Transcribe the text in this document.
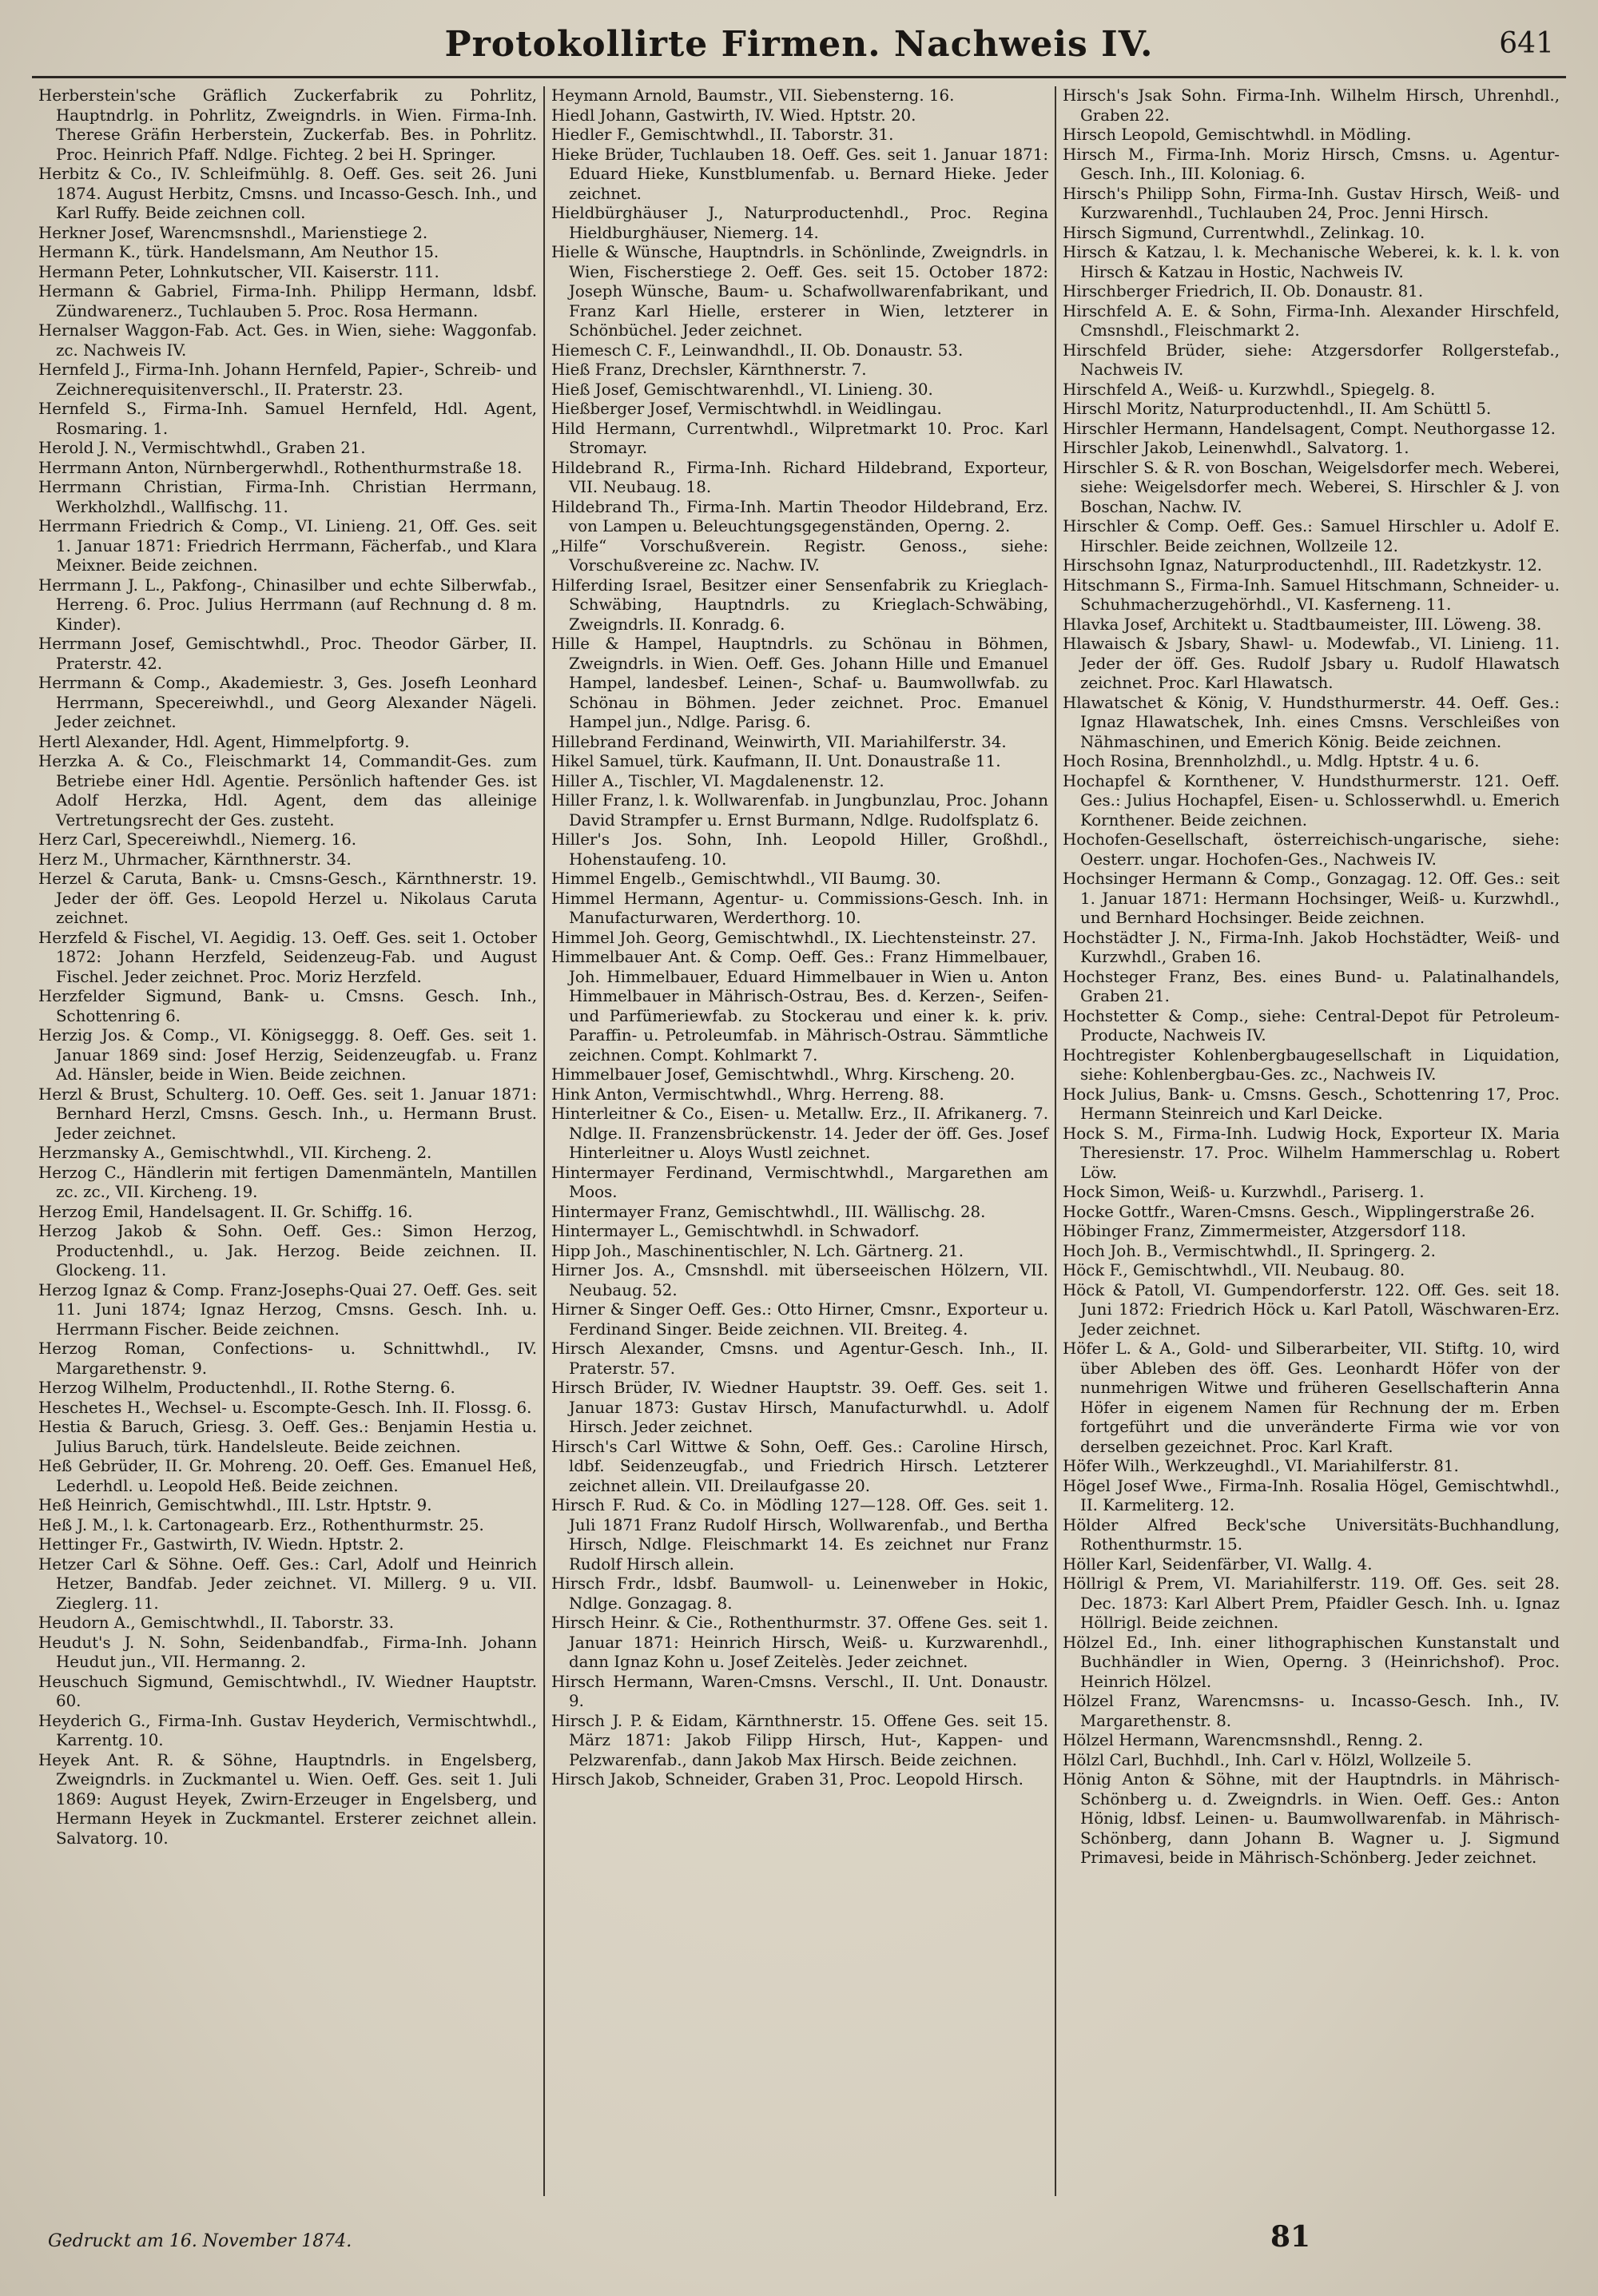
Protokollirte Firmen. Nachweis IV.	641
Herberstein'sche Gräflich Zuckerfabrik zu Pohrlitz, Hauptndrlg. in Pohrlitz, Zweigndrls. in Wien. Firma-Inh. Therese Gräfin Herberstein, Zuckerfab. Bes. in Pohrlitz. Proc. Heinrich Pfaff. Ndlge. Fichteg. 2 bei H. Springer.
Herbitz & Co., IV. Schleifmühlg. 8. Oeff. Ges. seit 26. Juni 1874. August Herbitz, Cmsns. und Incasso-Gesch. Inh., und Karl Ruffy. Beide zeichnen coll.
Herkner Josef, Warencmsnshdl., Marienstiege 2.
Hermann K., türk. Handelsmann, Am Neuthor 15.
Hermann Peter, Lohnkutscher, VII. Kaiserstr. 111.
Hermann & Gabriel, Firma-Inh. Philipp Hermann, ldsbf. Zündwarenerz., Tuchlauben 5. Proc. Rosa Hermann.
Hernalser Waggon-Fab. Act. Ges. in Wien, siehe: Waggonfab. zc. Nachweis IV.
Hernfeld J., Firma-Inh. Johann Hernfeld, Papier-, Schreib- und Zeichnerequisitenverschl., II. Praterstr. 23.
Hernfeld S., Firma-Inh. Samuel Hernfeld, Hdl. Agent, Rosmaring. 1.
Herold J. N., Vermischtwhdl., Graben 21.
Herrmann Anton, Nürnbergerwhdl., Rothenthurmstraße 18.
Herrmann Christian, Firma-Inh. Christian Herrmann, Werkholzhdl., Wallfischg. 11.
Herrmann Friedrich & Comp., VI. Linieng. 21, Off. Ges. seit 1. Januar 1871: Friedrich Herrmann, Fächerfab., und Klara Meixner. Beide zeichnen.
Herrmann J. L., Pakfong-, Chinasilber und echte Silberwfab., Herreng. 6. Proc. Julius Herrmann (auf Rechnung d. 8 m. Kinder).
Herrmann Josef, Gemischtwhdl., Proc. Theodor Gärber, II. Praterstr. 42.
Herrmann & Comp., Akademiestr. 3, Ges. Josefh Leonhard Herrmann, Specereiwhdl., und Georg Alexander Nägeli. Jeder zeichnet.
Hertl Alexander, Hdl. Agent, Himmelpfortg. 9.
Herzka A. & Co., Fleischmarkt 14, Commandit-Ges. zum Betriebe einer Hdl. Agentie. Persönlich haftender Ges. ist Adolf Herzka, Hdl. Agent, dem das alleinige Vertretungsrecht der Ges. zusteht.
Herz Carl, Specereiwhdl., Niemerg. 16.
Herz M., Uhrmacher, Kärnthnerstr. 34.
Herzel & Caruta, Bank- u. Cmsns-Gesch., Kärnthnerstr. 19. Jeder der öff. Ges. Leopold Herzel u. Nikolaus Caruta zeichnet.
Herzfeld & Fischel, VI. Aegidig. 13. Oeff. Ges. seit 1. October 1872: Johann Herzfeld, Seidenzeug-Fab. und August Fischel. Jeder zeichnet. Proc. Moriz Herzfeld.
Herzfelder Sigmund, Bank- u. Cmsns. Gesch. Inh., Schottenring 6.
Herzig Jos. & Comp., VI. Königseggg. 8. Oeff. Ges. seit 1. Januar 1869 sind: Josef Herzig, Seidenzeugfab. u. Franz Ad. Hänsler, beide in Wien. Beide zeichnen.
Herzl & Brust, Schulterg. 10. Oeff. Ges. seit 1. Januar 1871: Bernhard Herzl, Cmsns. Gesch. Inh., u. Hermann Brust. Jeder zeichnet.
Herzmansky A., Gemischtwhdl., VII. Kircheng. 2.
Herzog C., Händlerin mit fertigen Damenmänteln, Mantillen zc. zc., VII. Kircheng. 19.
Herzog Emil, Handelsagent. II. Gr. Schiffg. 16.
Herzog Jakob & Sohn. Oeff. Ges.: Simon Herzog, Productenhdl., u. Jak. Herzog. Beide zeichnen. II. Glockeng. 11.
Herzog Ignaz & Comp. Franz-Josephs-Quai 27. Oeff. Ges. seit 11. Juni 1874; Ignaz Herzog, Cmsns. Gesch. Inh. u. Herrmann Fischer. Beide zeichnen.
Herzog Roman, Confections- u. Schnittwhdl., IV. Margarethenstr. 9.
Herzog Wilhelm, Productenhdl., II. Rothe Sterng. 6.
Heschetes H., Wechsel- u. Escompte-Gesch. Inh. II. Flossg. 6.
Hestia & Baruch, Griesg. 3. Oeff. Ges.: Benjamin Hestia u. Julius Baruch, türk. Handelsleute. Beide zeichnen.
Heß Gebrüder, II. Gr. Mohreng. 20. Oeff. Ges. Emanuel Heß, Lederhdl. u. Leopold Heß. Beide zeichnen.
Heß Heinrich, Gemischtwhdl., III. Lstr. Hptstr. 9.
Heß J. M., l. k. Cartonagearb. Erz., Rothenthurmstr. 25.
Hettinger Fr., Gastwirth, IV. Wiedn. Hptstr. 2.
Hetzer Carl & Söhne. Oeff. Ges.: Carl, Adolf und Heinrich Hetzer, Bandfab. Jeder zeichnet. VI. Millerg. 9 u. VII. Zieglerg. 11.
Heudorn A., Gemischtwhdl., II. Taborstr. 33.
Heudut's J. N. Sohn, Seidenbandfab., Firma-Inh. Johann Heudut jun., VII. Hermanng. 2.
Heuschuch Sigmund, Gemischtwhdl., IV. Wiedner Hauptstr. 60.
Heyderich G., Firma-Inh. Gustav Heyderich, Vermischtwhdl., Karrentg. 10.
Heyek Ant. R. & Söhne, Hauptndrls. in Engelsberg, Zweigndrls. in Zuckmantel u. Wien. Oeff. Ges. seit 1. Juli 1869: August Heyek, Zwirn-Erzeuger in Engelsberg, und Hermann Heyek in Zuckmantel. Ersterer zeichnet allein. Salvatorg. 10.
Heymann Arnold, Baumstr., VII. Siebensterng. 16.
Hiedl Johann, Gastwirth, IV. Wied. Hptstr. 20.
Hiedler F., Gemischtwhdl., II. Taborstr. 31.
Hieke Brüder, Tuchlauben 18. Oeff. Ges. seit 1. Januar 1871: Eduard Hieke, Kunstblumenfab. u. Bernard Hieke. Jeder zeichnet.
Hieldbürghäuser J., Naturproductenhdl., Proc. Regina Hieldburghäuser, Niemerg. 14.
Hielle & Wünsche, Hauptndrls. in Schönlinde, Zweigndrls. in Wien, Fischerstiege 2. Oeff. Ges. seit 15. October 1872: Joseph Wünsche, Baum- u. Schafwollwarenfabrikant, und Franz Karl Hielle, ersterer in Wien, letzterer in Schönbüchel. Jeder zeichnet.
Hiemesch C. F., Leinwandhdl., II. Ob. Donaustr. 53.
Hieß Franz, Drechsler, Kärnthnerstr. 7.
Hieß Josef, Gemischtwarenhdl., VI. Linieng. 30.
Hießberger Josef, Vermischtwhdl. in Weidlingau.
Hild Hermann, Currentwhdl., Wilpretmarkt 10. Proc. Karl Stromayr.
Hildebrand R., Firma-Inh. Richard Hildebrand, Exporteur, VII. Neubaug. 18.
Hildebrand Th., Firma-Inh. Martin Theodor Hildebrand, Erz. von Lampen u. Beleuchtungsgegenständen, Operng. 2.
„Hilfe“ Vorschußverein. Registr. Genoss., siehe: Vorschußvereine zc. Nachw. IV.
Hilferding Israel, Besitzer einer Sensenfabrik zu Krieglach-Schwäbing, Hauptndrls. zu Krieglach-Schwäbing, Zweigndrls. II. Konradg. 6.
Hille & Hampel, Hauptndrls. zu Schönau in Böhmen, Zweigndrls. in Wien. Oeff. Ges. Johann Hille und Emanuel Hampel, landesbef. Leinen-, Schaf- u. Baumwollwfab. zu Schönau in Böhmen. Jeder zeichnet. Proc. Emanuel Hampel jun., Ndlge. Parisg. 6.
Hillebrand Ferdinand, Weinwirth, VII. Mariahilferstr. 34.
Hikel Samuel, türk. Kaufmann, II. Unt. Donaustraße 11.
Hiller A., Tischler, VI. Magdalenenstr. 12.
Hiller Franz, l. k. Wollwarenfab. in Jungbunzlau, Proc. Johann David Strampfer u. Ernst Burmann, Ndlge. Rudolfsplatz 6.
Hiller's Jos. Sohn, Inh. Leopold Hiller, Großhdl., Hohenstaufeng. 10.
Himmel Engelb., Gemischtwhdl., VII Baumg. 30.
Himmel Hermann, Agentur- u. Commissions-Gesch. Inh. in Manufacturwaren, Werderthorg. 10.
Himmel Joh. Georg, Gemischtwhdl., IX. Liechtensteinstr. 27.
Himmelbauer Ant. & Comp. Oeff. Ges.: Franz Himmelbauer, Joh. Himmelbauer, Eduard Himmelbauer in Wien u. Anton Himmelbauer in Mährisch-Ostrau, Bes. d. Kerzen-, Seifen- und Parfümeriewfab. zu Stockerau und einer k. k. priv. Paraffin- u. Petroleumfab. in Mährisch-Ostrau. Sämmtliche zeichnen. Compt. Kohlmarkt 7.
Himmelbauer Josef, Gemischtwhdl., Whrg. Kirscheng. 20.
Hink Anton, Vermischtwhdl., Whrg. Herreng. 88.
Hinterleitner & Co., Eisen- u. Metallw. Erz., II. Afrikanerg. 7. Ndlge. II. Franzensbrückenstr. 14. Jeder der öff. Ges. Josef Hinterleitner u. Aloys Wustl zeichnet.
Hintermayer Ferdinand, Vermischtwhdl., Margarethen am Moos.
Hintermayer Franz, Gemischtwhdl., III. Wällischg. 28.
Hintermayer L., Gemischtwhdl. in Schwadorf.
Hipp Joh., Maschinentischler, N. Lch. Gärtnerg. 21.
Hirner Jos. A., Cmsnshdl. mit überseeischen Hölzern, VII. Neubaug. 52.
Hirner & Singer Oeff. Ges.: Otto Hirner, Cmsnr., Exporteur u. Ferdinand Singer. Beide zeichnen. VII. Breiteg. 4.
Hirsch Alexander, Cmsns. und Agentur-Gesch. Inh., II. Praterstr. 57.
Hirsch Brüder, IV. Wiedner Hauptstr. 39. Oeff. Ges. seit 1. Januar 1873: Gustav Hirsch, Manufacturwhdl. u. Adolf Hirsch. Jeder zeichnet.
Hirsch's Carl Wittwe & Sohn, Oeff. Ges.: Caroline Hirsch, ldbf. Seidenzeugfab., und Friedrich Hirsch. Letzterer zeichnet allein. VII. Dreilaufgasse 20.
Hirsch F. Rud. & Co. in Mödling 127—128. Off. Ges. seit 1. Juli 1871 Franz Rudolf Hirsch, Wollwarenfab., und Bertha Hirsch, Ndlge. Fleischmarkt 14. Es zeichnet nur Franz Rudolf Hirsch allein.
Hirsch Frdr., ldsbf. Baumwoll- u. Leinenweber in Hokic, Ndlge. Gonzagag. 8.
Hirsch Heinr. & Cie., Rothenthurmstr. 37. Offene Ges. seit 1. Januar 1871: Heinrich Hirsch, Weiß- u. Kurzwarenhdl., dann Ignaz Kohn u. Josef Zeitelès. Jeder zeichnet.
Hirsch Hermann, Waren-Cmsns. Verschl., II. Unt. Donaustr. 9.
Hirsch J. P. & Eidam, Kärnthnerstr. 15. Offene Ges. seit 15. März 1871: Jakob Filipp Hirsch, Hut-, Kappen- und Pelzwarenfab., dann Jakob Max Hirsch. Beide zeichnen.
Hirsch Jakob, Schneider, Graben 31, Proc. Leopold Hirsch.
Hirsch's Jsak Sohn. Firma-Inh. Wilhelm Hirsch, Uhrenhdl., Graben 22.
Hirsch Leopold, Gemischtwhdl. in Mödling.
Hirsch M., Firma-Inh. Moriz Hirsch, Cmsns. u. Agentur-Gesch. Inh., III. Koloniag. 6.
Hirsch's Philipp Sohn, Firma-Inh. Gustav Hirsch, Weiß- und Kurzwarenhdl., Tuchlauben 24, Proc. Jenni Hirsch.
Hirsch Sigmund, Currentwhdl., Zelinkag. 10.
Hirsch & Katzau, l. k. Mechanische Weberei, k. k. l. k. von Hirsch & Katzau in Hostic, Nachweis IV.
Hirschberger Friedrich, II. Ob. Donaustr. 81.
Hirschfeld A. E. & Sohn, Firma-Inh. Alexander Hirschfeld, Cmsnshdl., Fleischmarkt 2.
Hirschfeld Brüder, siehe: Atzgersdorfer Rollgerstefab., Nachweis IV.
Hirschfeld A., Weiß- u. Kurzwhdl., Spiegelg. 8.
Hirschl Moritz, Naturproductenhdl., II. Am Schüttl 5.
Hirschler Hermann, Handelsagent, Compt. Neuthorgasse 12.
Hirschler Jakob, Leinenwhdl., Salvatorg. 1.
Hirschler S. & R. von Boschan, Weigelsdorfer mech. Weberei, siehe: Weigelsdorfer mech. Weberei, S. Hirschler & J. von Boschan, Nachw. IV.
Hirschler & Comp. Oeff. Ges.: Samuel Hirschler u. Adolf E. Hirschler. Beide zeichnen, Wollzeile 12.
Hirschsohn Ignaz, Naturproductenhdl., III. Radetzkystr. 12.
Hitschmann S., Firma-Inh. Samuel Hitschmann, Schneider- u. Schuhmacherzugehörhdl., VI. Kasferneng. 11.
Hlavka Josef, Architekt u. Stadtbaumeister, III. Löweng. 38.
Hlawaisch & Jsbary, Shawl- u. Modewfab., VI. Linieng. 11. Jeder der öff. Ges. Rudolf Jsbary u. Rudolf Hlawatsch zeichnet. Proc. Karl Hlawatsch.
Hlawatschet & König, V. Hundsthurmerstr. 44. Oeff. Ges.: Ignaz Hlawatschek, Inh. eines Cmsns. Verschleißes von Nähmaschinen, und Emerich König. Beide zeichnen.
Hoch Rosina, Brennholzhdl., u. Mdlg. Hptstr. 4 u. 6.
Hochapfel & Kornthener, V. Hundsthurmerstr. 121. Oeff. Ges.: Julius Hochapfel, Eisen- u. Schlosserwhdl. u. Emerich Kornthener. Beide zeichnen.
Hochofen-Gesellschaft, österreichisch-ungarische, siehe: Oesterr. ungar. Hochofen-Ges., Nachweis IV.
Hochsinger Hermann & Comp., Gonzagag. 12. Off. Ges.: seit 1. Januar 1871: Hermann Hochsinger, Weiß- u. Kurzwhdl., und Bernhard Hochsinger. Beide zeichnen.
Hochstädter J. N., Firma-Inh. Jakob Hochstädter, Weiß- und Kurzwhdl., Graben 16.
Hochsteger Franz, Bes. eines Bund- u. Palatinalhandels, Graben 21.
Hochstetter & Comp., siehe: Central-Depot für Petroleum-Producte, Nachweis IV.
Hochtregister Kohlenbergbaugesellschaft in Liquidation, siehe: Kohlenbergbau-Ges. zc., Nachweis IV.
Hock Julius, Bank- u. Cmsns. Gesch., Schottenring 17, Proc. Hermann Steinreich und Karl Deicke.
Hock S. M., Firma-Inh. Ludwig Hock, Exporteur IX. Maria Theresienstr. 17. Proc. Wilhelm Hammerschlag u. Robert Löw.
Hock Simon, Weiß- u. Kurzwhdl., Pariserg. 1.
Hocke Gottfr., Waren-Cmsns. Gesch., Wipplingerstraße 26.
Höbinger Franz, Zimmermeister, Atzgersdorf 118.
Hoch Joh. B., Vermischtwhdl., II. Springerg. 2.
Höck F., Gemischtwhdl., VII. Neubaug. 80.
Höck & Patoll, VI. Gumpendorferstr. 122. Off. Ges. seit 18. Juni 1872: Friedrich Höck u. Karl Patoll, Wäschwaren-Erz. Jeder zeichnet.
Höfer L. & A., Gold- und Silberarbeiter, VII. Stiftg. 10, wird über Ableben des öff. Ges. Leonhardt Höfer von der nunmehrigen Witwe und früheren Gesellschafterin Anna Höfer in eigenem Namen für Rechnung der m. Erben fortgeführt und die unveränderte Firma wie vor von derselben gezeichnet. Proc. Karl Kraft.
Höfer Wilh., Werkzeughdl., VI. Mariahilferstr. 81.
Högel Josef Wwe., Firma-Inh. Rosalia Högel, Gemischtwhdl., II. Karmeliterg. 12.
Hölder Alfred Beck'sche Universitäts-Buchhandlung, Rothenthurmstr. 15.
Höller Karl, Seidenfärber, VI. Wallg. 4.
Höllrigl & Prem, VI. Mariahilferstr. 119. Off. Ges. seit 28. Dec. 1873: Karl Albert Prem, Pfaidler Gesch. Inh. u. Ignaz Höllrigl. Beide zeichnen.
Hölzel Ed., Inh. einer lithographischen Kunstanstalt und Buchhändler in Wien, Operng. 3 (Heinrichshof). Proc. Heinrich Hölzel.
Hölzel Franz, Warencmsns- u. Incasso-Gesch. Inh., IV. Margarethenstr. 8.
Hölzel Hermann, Warencmsnshdl., Renng. 2.
Hölzl Carl, Buchhdl., Inh. Carl v. Hölzl, Wollzeile 5.
Hönig Anton & Söhne, mit der Hauptndrls. in Mährisch-Schönberg u. d. Zweigndrls. in Wien. Oeff. Ges.: Anton Hönig, ldbsf. Leinen- u. Baumwollwarenfab. in Mährisch-Schönberg, dann Johann B. Wagner u. J. Sigmund Primavesi, beide in Mährisch-Schönberg. Jeder zeichnet.
Gedruckt am 16. November 1874.	81
